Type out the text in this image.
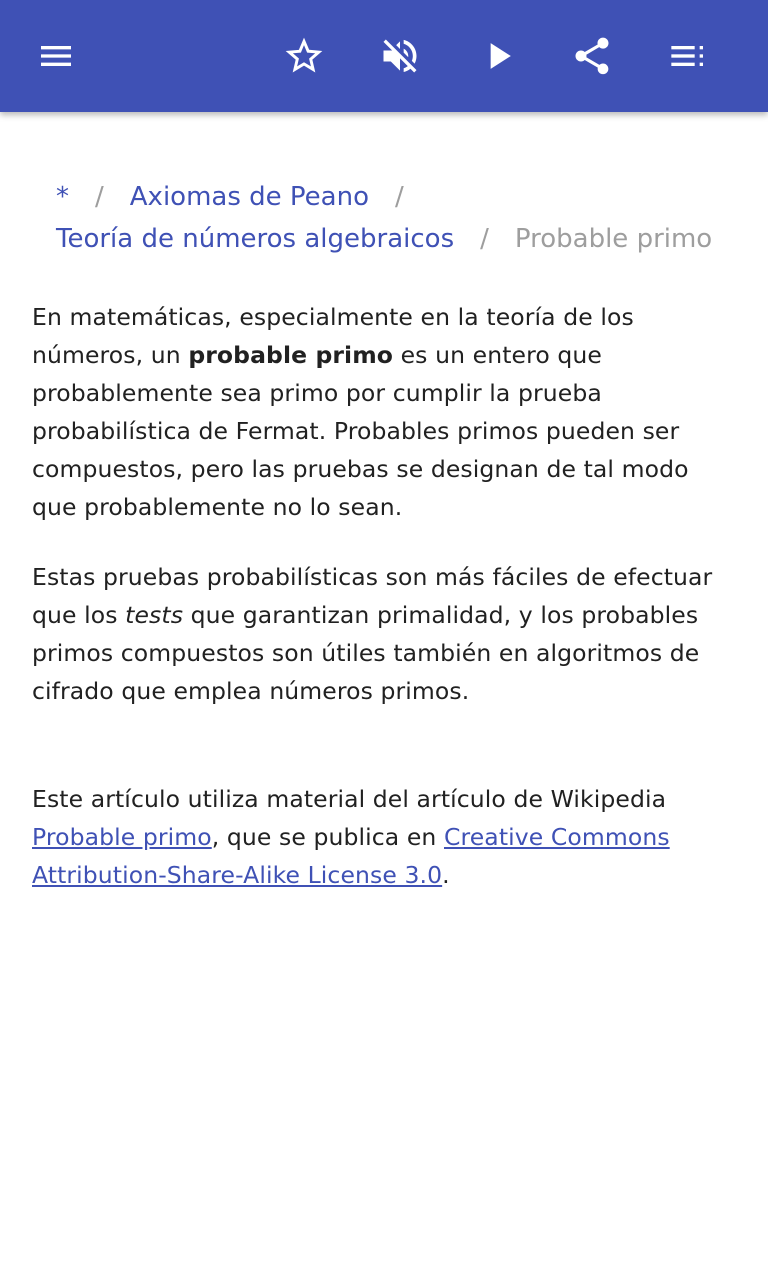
* / Axiomas de Peano /
Teoría de números algebraicos / Probable primo

En matemáticas, especialmente en la teoría de los números, un probable primo es un entero que probablemente sea primo por cumplir la prueba probabilística de Fermat. Probables primos pueden ser compuestos, pero las pruebas se designan de tal modo que probablemente no lo sean.

Estas pruebas probabilísticas son más fáciles de efectuar que los tests que garantizan primalidad, y los probables primos compuestos son útiles también en algoritmos de cifrado que emplea números primos.

Este artículo utiliza material del artículo de Wikipedia Probable primo, que se publica en Creative Commons Attribution-Share-Alike License 3.0.
